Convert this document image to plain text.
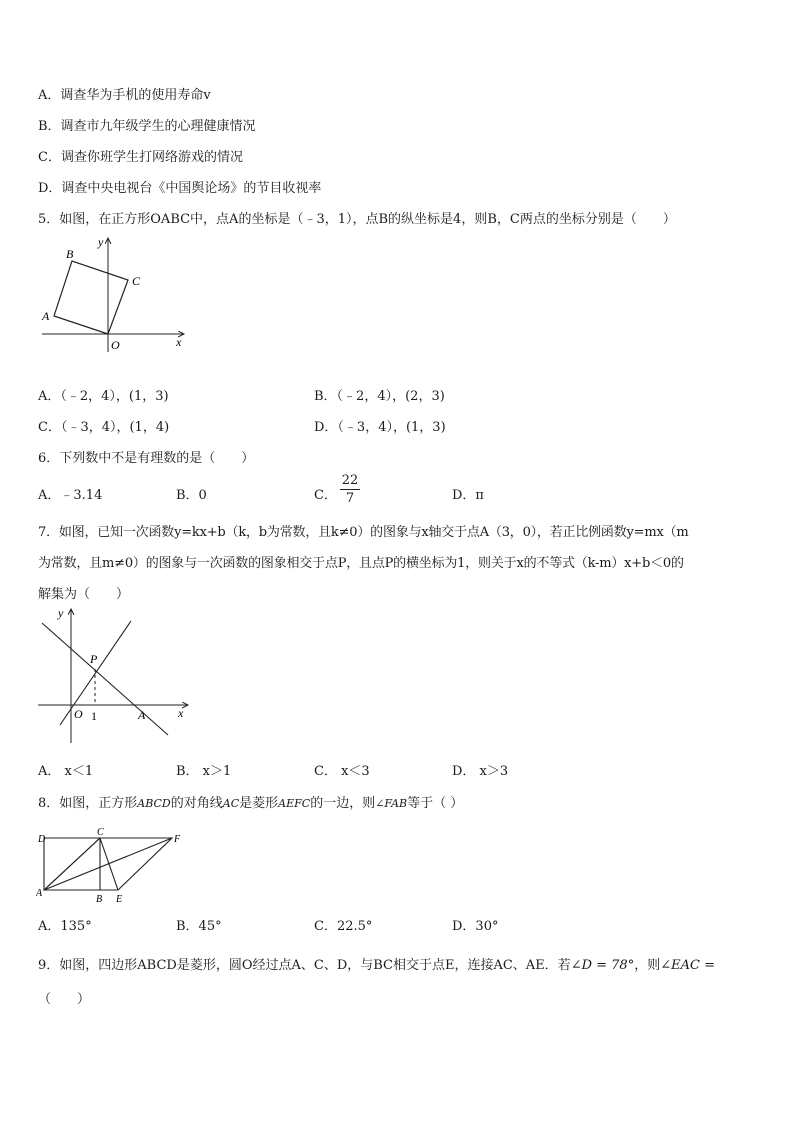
A．调查华为手机的使用寿命v
B．调查市九年级学生的心理健康情况
C．调查你班学生打网络游戏的情况
D．调查中央电视台《中国舆论场》的节目收视率
5．如图，在正方形OABC中，点A的坐标是（﹣3，1），点B的纵坐标是4，则B，C两点的坐标分别是（　　）
B
C
A
O	x
y
A．（﹣2，4），(1，3)	B．（﹣2，4），(2，3)
C．（﹣3，4），(1，4)	D．（﹣3，4），(1，3)
6．下列数中不是有理数的是（　　）
A．﹣3.14	B．0	C． $\frac{22}{7}$	D．π
7．如图，已知一次函数y=kx+b（k，b为常数，且k≠0）的图象与x轴交于点A（3，0），若正比例函数y=mx（m
为常数，且m≠0）的图象与一次函数的图象相交于点P，且点P的横坐标为1，则关于x的不等式（k-m）x+b＜0的
解集为（　　）
y
P
O 1	A	x
A． x＜1	B． x＞1	C． x＜3	D． x＞3
8．如图，正方形ABCD的对角线AC是菱形AEFC的一边，则∠FAB等于（ ）
D
C
F
A
B E
A．135°	B．45°	C．22.5°	D．30°
9．如图，四边形ABCD是菱形，圆O经过点A、C、D，与BC相交于点E，连接AC、AE．若∠D = 78°，则∠EAC =
（　　）
